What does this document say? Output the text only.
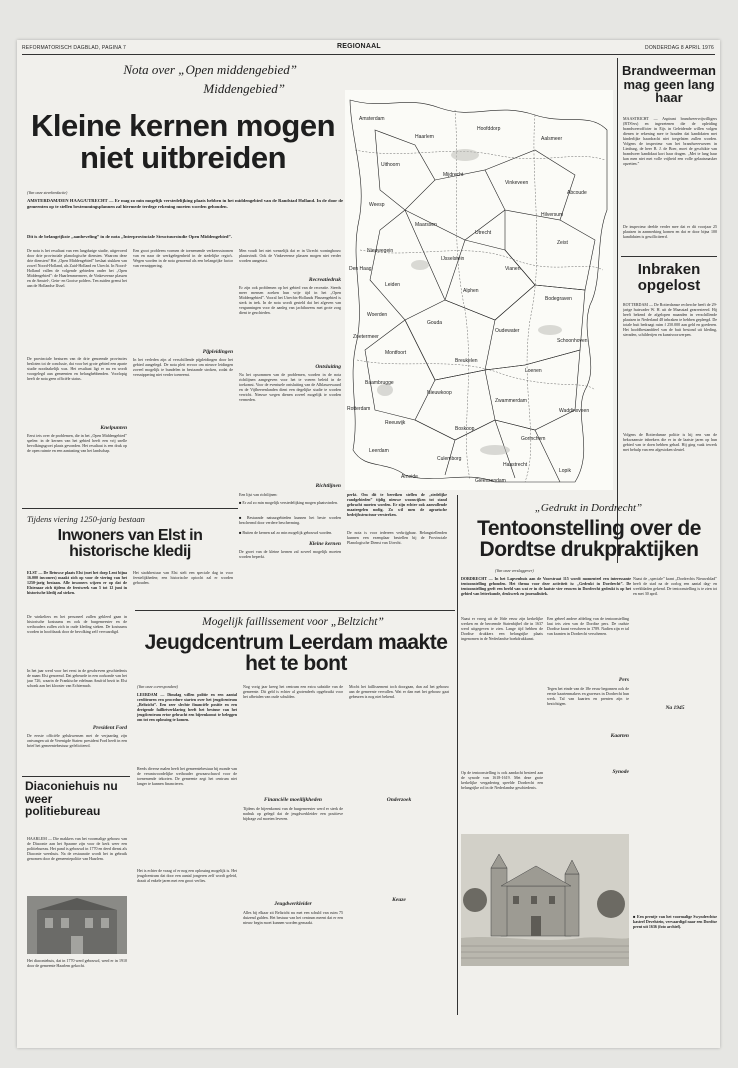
REFORMATORISCH DAGBLAD, PAGINA 7	REGIONAAL	DONDERDAG 8 APRIL 1976
Nota over „Open middengebied”
Middengebied”
Kleine kernen mogen niet uitbreiden
(Van onze streekredactie)
AMSTERDAM/DEN HAAG/UTRECHT — Er mag zo min mogelijk verstedelijking plaats hebben in het middengebied van de Randstad Holland. In de door de gemeenten op te stellen bestemmingsplannen zal hiermede terdege rekening moeten worden gehouden.
Dit is de belangrijkste „aanbeveling” in de nota „Interprovinciale Structuurstudie Open Middengebied”.
De nota is het resultaat van een langdurige studie, uitgevoerd door drie provinciale planologische diensten. Waarom deze drie diensten? Het „Open Middengebied” beslaat stukken van zowel Noord-Holland, als Zuid-Holland en Utrecht. In Noord-Holland vallen de volgende gebieden onder het „Open Middengebied”: de Haarlemmermeer, de Vinkeveense plassen en de Amstel-, Gein- en Gooise polders. Ten zuiden grenst het aan de Hollandse IJssel.
De provinciale besturen van de drie genoemde provincies besloten tot de conclusie, dat voor het grote gebied een aparte studie noodzakelijk was. Het resultaat ligt er nu en wordt voorgelegd aan gemeenten en belanghebbenden. Voorlopig heeft de nota geen officiële status.
Knelpunten
Eerst iets over de problemen, die in het „Open Middengebied” spelen: in de kernen van het gebied heeft een vrij snelle bevolkingsgroei plaats gevonden. Het resultaat is een druk op de open ruimte en een aantasting van het landschap.
Een groot probleem vormen de toenemende verkeersstromen van en naar de werkgelegenheid in de stedelijke regio's. Wegen worden in de nota genoemd als een belangrijke factor van versnippering.
Pijpleidingen
In het verleden zijn al verschillende pijpleidingen door het gebied aangelegd. De nota pleit ervoor om nieuwe leidingen zoveel mogelijk te bundelen in bestaande stroken, zodat de versnippering niet verder toeneemt.
Men voudt het niet wenselijk dat er in Utrecht woningbouw plaatsvindt. Ook de Vinkeveense plassen mogen niet verder worden aangetast.
Recreatiedruk
Er zijn ook problemen op het gebied van de recreatie. Steeds meer mensen zoeken hun vrije tijd in het „Open Middengebied”. Vooral het Utrechts-Hollands Plassengebied is sterk in trek. In de nota wordt gesteld dat het afgeven van vergunningen voor de aanleg van jachthavens met grote zorg dient te geschieden.
Ontsluiting
Na het opsommen van de problemen, worden in de nota richtlijnen aangegeven voor het te voeren beleid in de toekomst. Voor de eventuele ontsluiting van de Alblasserwaard en de Vijfheerenlanden dient een degelijke studie te worden verricht. Nieuwe wegen dienen zoveel mogelijk te worden vermeden.
Richtlijnen
Een lijst van richtlijnen:
■ Er zal zo min mogelijk verstedelijking mogen plaatsvinden.
■ Bestaande natuurgebieden kunnen het beste worden beschermd door verdere bescherming.
■ Buiten de kernen zal zo min mogelijk gebouwd worden.
Kleine kernen
De groei van de kleine kernen zal zoveel mogelijk moeten worden beperkt.
perkt. Om dit te bereiken stellen de „stedelijke randgebieden” tijdig nieuwe woonwijken tot stand gebracht moeten worden. Er zijn echter ook aanvullende maatregelen nodig. Zo wil men de agrarische bedrijfsstructuur versterken.
De nota is voor iedereen verkrijgbaar. Belangstellenden kunnen een exemplaar bestellen bij de Provinciale Planologische Dienst van Utrecht.
Amsterdam
Haarlem
Hoofddorp
Aalsmeer
Uithoorn
Mijdrecht
Vinkeveen
Abcoude
Weesp
Hilversum
Maarssen
Utrecht
Zeist
Nieuwegein
IJsselstein
Vianen
Leiden
Alphen
Bodegraven
Woerden
Gouda
Oudewater
Schoonhoven
Montfoort
Breukelen
Loenen
Baambrugge
Nieuwkoop
Zwammerdam
Waddinxveen
Reeuwijk
Boskoop
Gorinchem
Leerdam
Culemborg
Haastrecht
Lopik
Ameide
Gieessendam
Zoetermeer
Den Haag
Rotterdam
Brandweerman mag geen lang haar
MAASTRICHT — Aspirant brandweervrijwilligers (BTS'ers) en ingezetenen die de opleiding brandweerofficier in Eijs in Geleidende willen volgen dienen te rekening mee te houden dat kandidaten met kinderlijke haardracht niet toegelaten zullen worden. Volgens de inspecteur van het brandweerwezen in Limburg, de heer B. J. de Boer, moet de geschikte van brandweer kandidaat kort haar dragen. „Met te lang haar kan men niet met volle vrijheid een volle gelaatsmasker opzetten.”
De inspecteur deelde verder mee dat er dit voorjaar 25 plaatsen in aanmerking komen en dat er door bijna 100 kandidaten is gesolliciteerd.
Inbraken opgelost
ROTTERDAM — De Rotterdamse recherche heeft de 29-jarige huisvader W. H. uit de Maasstad gearresteerd. Hij heeft bekend de afgelopen maanden in verschillende plaatsen in Nederland 48 inbraken te hebben gepleegd. De totale buit bedraagt ruim f 250.000 aan geld en goederen. Het hoofdbestanddeel van de buit bestond uit kleding, sieraden, schilderijen en kunstvoorwerpen.
Volgens de Rotterdamse politie is hij een van de bekwaamste inbrekers die er in de laatste jaren op hun gebied van te doen hebben gehad. Hij ging vaak tewerk met behulp van een afgestoken sleutel.
Tijdens viering 1250-jarig bestaan
Inwoners van Elst in historische kledij
ELST — De Betuwse plaats Elst (met het dorp Lent bijna 16.000 inwoners) maakt zich op voor de viering van het 1250-jarig bestaan. Alle inwoners wijzen er op dat de Elstenaar zich tijdens de feestweek van 5 tot 12 juni in historische kledij zal steken.
De winkeliers en het personeel zullen gekleed gaan in historische kostuums en ook de burgemeester en de wethouders zullen zich in oude kleding steken. De kostuums worden in hoofdzaak door de bevolking zelf vervaardigd.
In het jaar werd voor het eerst in de geschreven geschiedenis de naam Elst genoemd. Dat gebeurde in een oorkonde van het jaar 726, waarin de Frankische edelman Ansfrid bezit in Elst schonk aan het klooster van Echternach.
President Ford
De eerste officiële gelukwensen met de verjaardag zijn ontvangen uit de Verenigde Staten: president Ford heeft in een brief het gemeentebestuur gefeliciteerd.
Het stadsbestuur van Elst stelt een speciale dag in voor feestelijkheden; een historische optocht zal er worden gehouden.
Diaconiehuis nu weer politiebureau
HAARLEM — Die makkers van het voormalige gebouw van de Diaconie aan het Spaarne zijn voor de kerk weer een politiebureau. Het pand is gebouwd in 1770 en deed dienst als Diaconie weeshuis. Na de restauratie wordt het in gebruik genomen door de gemeentepolitie van Haarlem.
Het diaconiehuis, dat in 1770 werd gebouwd, werd er in 1910 door de gemeente Haarlem gekocht.
Mogelijk faillissement voor „Beltzicht”
Jeugdcentrum Leerdam maakte het te bont
(Van onze correspondent)
LEERDAM — Dinsdag willen politie en een aantal crediteuren een procedure starten over het jeugdcentrum „Beltzicht”. Een zeer slechte financiële positie en een dreigende faillietverklaring heeft het bestuur van het jeugdcentrum ertoe gebracht een bijeenkomst te beleggen om tot een oplossing te komen.
Reeds diverse malen heeft het gemeentebestuur bij monde van de verantwoordelijke wethouder gewaarschuwd voor de toenemende tekorten. De gemeente zegt het centrum niet langer te kunnen financieren.
Het is echter de vraag of er nog een oplossing mogelijk is. Het jeugdcentrum dat door een aantal jongeren zelf wordt geleid, draait al enkele jaren met een groot verlies.
Nog vorig jaar kreeg het centrum een extra subsidie van de gemeente. Dit geld is echter al grotendeels opgebruikt voor het afbetalen van oude schulden.
Financiële moeilijkheden
Tijdens de bijeenkomst van de burgemeester werd er sterk de nadruk op gelegd dat de jeugdwerkleider een positieve bijdrage zal moeten leveren.
Jeugdwerkleider
Alles bij elkaar zit Beltzicht nu met een schuld van ruim 75 duizend gulden. Het bestuur van het centrum meent dat er een nieuw begin moet kunnen worden gemaakt.
Onderzoek
Mocht het faillissement toch doorgaan, dan zal het gebouw aan de gemeente vervallen. Wat er dan met het gebouw gaat gebeuren is nog niet bekend.
Keuze
„Gedrukt in Dordrecht”
Tentoonstelling over de Dordtse drukpraktijken
(Van onze verslaggever)
DORDRECHT — In het Lapvenhuis aan de Voorstraat 115 wordt momenteel een interessante tentoonstelling gehouden. Het thema voor deze activiteit is: „Gedrukt in Dordrecht”. De tentoonstelling geeft een beeld van wat er in de laatste vier eeuwen in Dordrecht gedrukt is op het gebied van letterkunde, drukwerk en journalistiek.
Naast er vroeg uit de 16de eeuw zijn kerkelijke werken en de beroemde Statenbijbel die in 1637 werd uitgegeven te zien. Lange tijd hebben de Dordtse drukkers een belangrijke plaats ingenomen in de Nederlandse boekdrukkunst.
Pers
Een geheel andere afdeling van de tentoonstelling laat iets zien van de Dordtse pers. De oudste Dordtse krant verscheen in 1789. Nadien zijn er tal van kranten in Dordrecht verschenen.
Synode
Op de tentoonstelling is ook aandacht besteed aan de synode van 1618-1619. Met deze grote kerkelijke vergadering speelde Dordrecht een belangrijke rol in de Nederlandse geschiedenis.
Kaarten
Tegen het einde van de 18e eeuw begonnen ook de eerste kaartenmakers en graveurs in Dordrecht hun werk. Tal van kaarten en prenten zijn te bezichtigen.
Na 1945
Naast de „speciale” krant „Dordrechts Nieuwsblad” heeft de stad na de oorlog een aantal dag- en weekbladen gekend. De tentoonstelling is te zien tot en met 30 april.
■ Een prentje van het voormalige Swyndrechtse kasteel Develstein, vervaardigd naar een Dordtse prent uit 1636 (foto archief).
